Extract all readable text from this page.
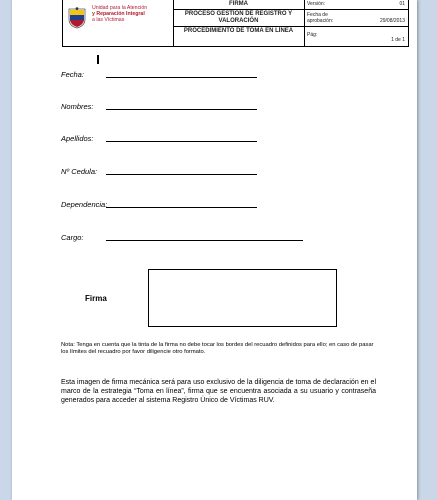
Unidad para la Atención
y Reparación Integral
a las Víctimas
FIRMA
PROCESO GESTIÓN DE REGISTRO Y VALORACIÓN
PROCEDIMIENTO DE TOMA EN LÍNEA
Versión:	01
Fecha de aprobación:	29/08/2013
Pág:
1 de 1
Fecha:
Nombres:
Apellidos:
Nº Cedula:
Dependencia:
Cargo:
Firma
Nota: Tenga en cuenta que la tinta de la firma no debe tocar los bordes del recuadro definidos para ello; en caso de pasar los límites del recuadro por favor diligencie otro formato.
Esta imagen de firma mecánica será para uso exclusivo de la diligencia de toma de declaración en el marco de la estrategia “Toma en línea”, firma que se encuentra asociada a su usuario y contraseña generados para acceder al sistema Registro Único de Víctimas RUV.
